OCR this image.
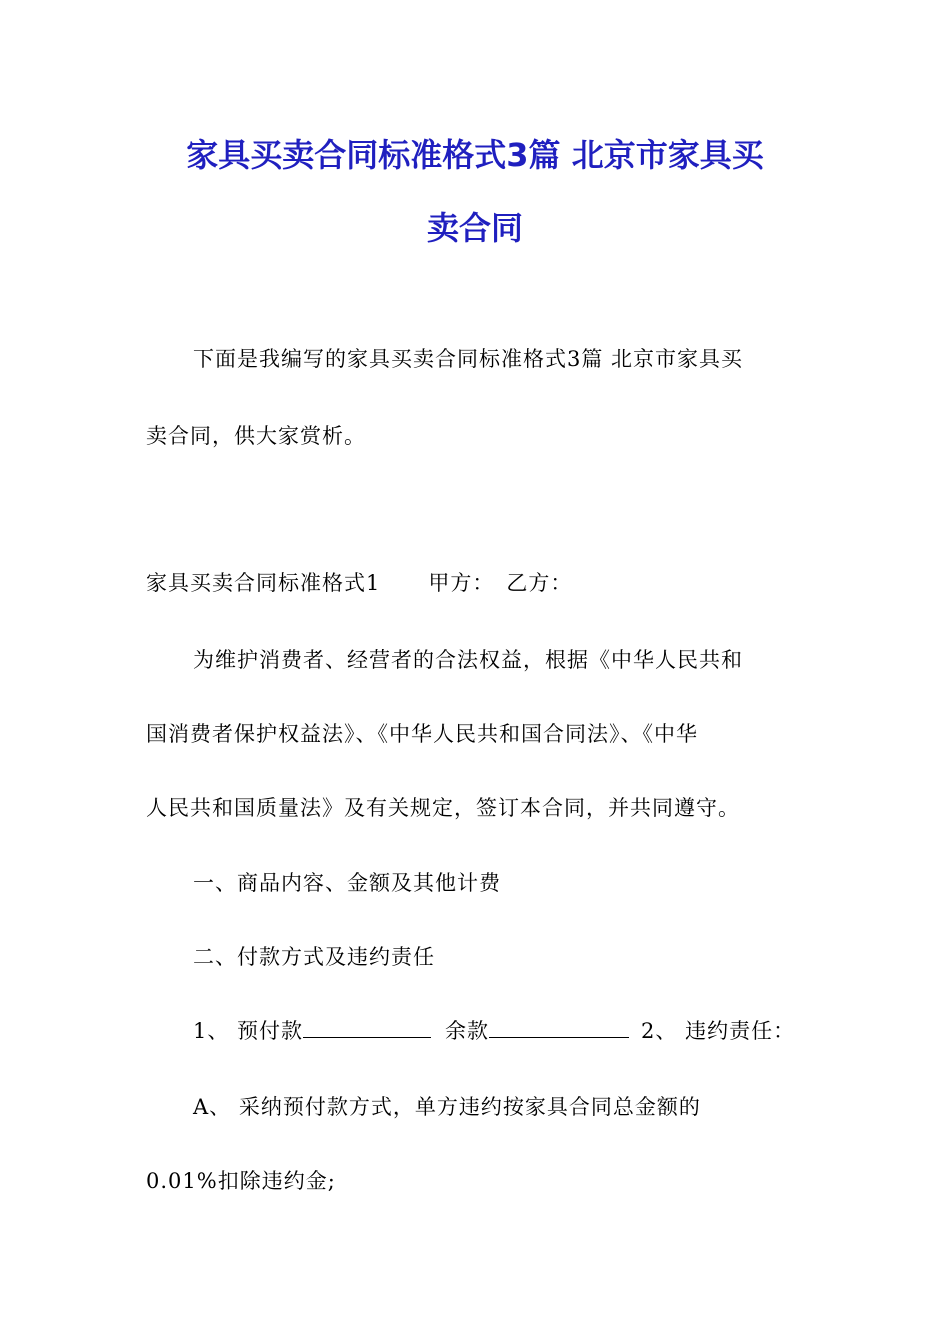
家具买卖合同标准格式3篇 北京市家具买
卖合同
下面是我编写的家具买卖合同标准格式3篇 北京市家具买
卖合同，供大家赏析。
家具买卖合同标准格式1 甲方： 乙方：
为维护消费者、经营者的合法权益，根据《中华人民共和
国消费者保护权益法》、《中华人民共和国合同法》、《中华
人民共和国质量法》及有关规定，签订本合同，并共同遵守。
一、商品内容、金额及其他计费
二、付款方式及违约责任
1、 预付款	余款	2、 违约责任：
A、 采纳预付款方式，单方违约按家具合同总金额的
0.01%扣除违约金;
